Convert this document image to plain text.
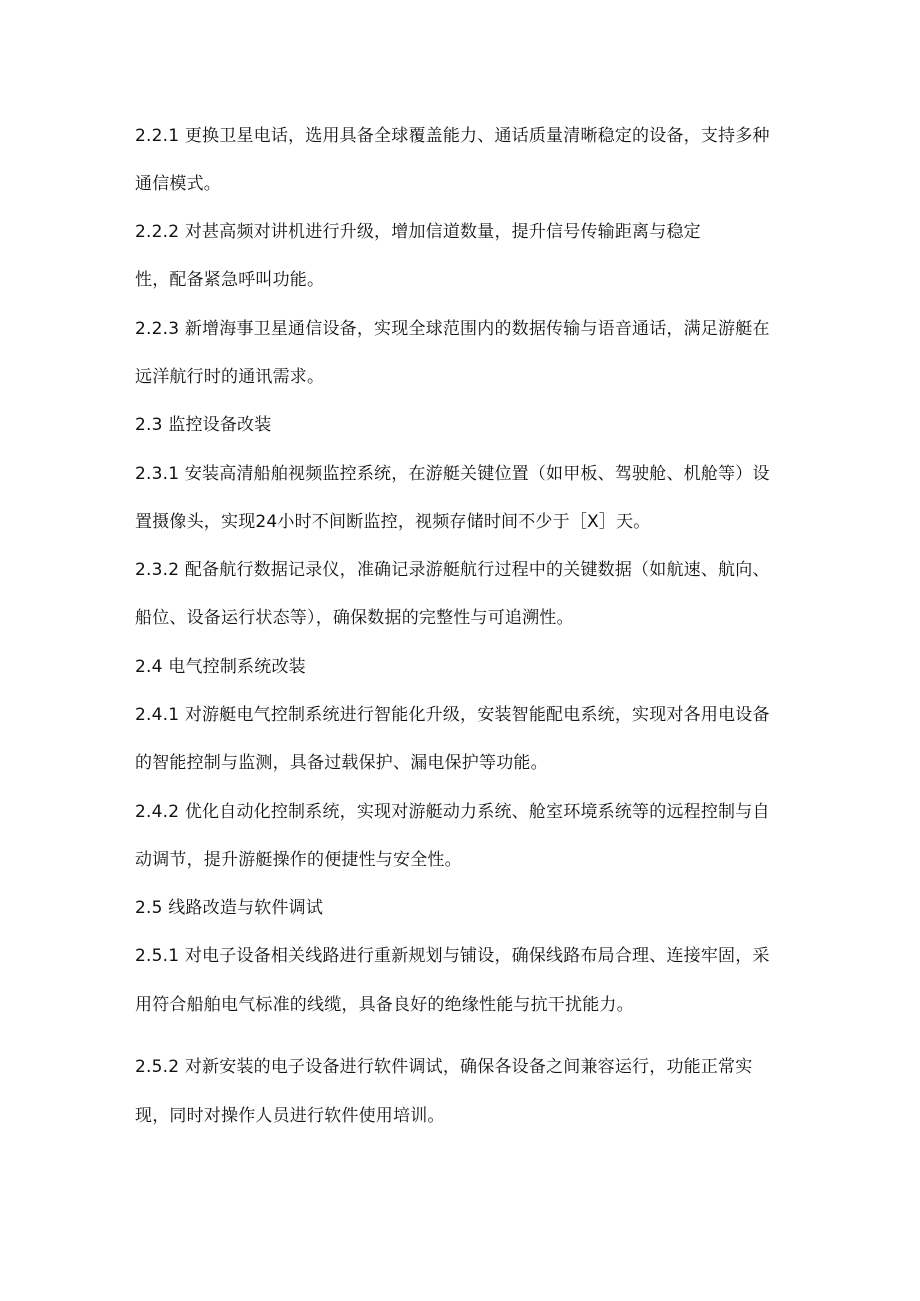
2.2.1 更换卫星电话，选用具备全球覆盖能力、通话质量清晰稳定的设备，支持多种
通信模式。
2.2.2 对甚高频对讲机进行升级，增加信道数量，提升信号传输距离与稳定
性，配备紧急呼叫功能。
2.2.3 新增海事卫星通信设备，实现全球范围内的数据传输与语音通话，满足游艇在
远洋航行时的通讯需求。
2.3 监控设备改装
2.3.1 安装高清船舶视频监控系统，在游艇关键位置（如甲板、驾驶舱、机舱等）设
置摄像头，实现24小时不间断监控，视频存储时间不少于［X］天。
2.3.2 配备航行数据记录仪，准确记录游艇航行过程中的关键数据（如航速、航向、
船位、设备运行状态等），确保数据的完整性与可追溯性。
2.4 电气控制系统改装
2.4.1 对游艇电气控制系统进行智能化升级，安装智能配电系统，实现对各用电设备
的智能控制与监测，具备过载保护、漏电保护等功能。
2.4.2 优化自动化控制系统，实现对游艇动力系统、舱室环境系统等的远程控制与自
动调节，提升游艇操作的便捷性与安全性。
2.5 线路改造与软件调试
2.5.1 对电子设备相关线路进行重新规划与铺设，确保线路布局合理、连接牢固，采
用符合船舶电气标准的线缆，具备良好的绝缘性能与抗干扰能力。
2.5.2 对新安装的电子设备进行软件调试，确保各设备之间兼容运行，功能正常实
现，同时对操作人员进行软件使用培训。
